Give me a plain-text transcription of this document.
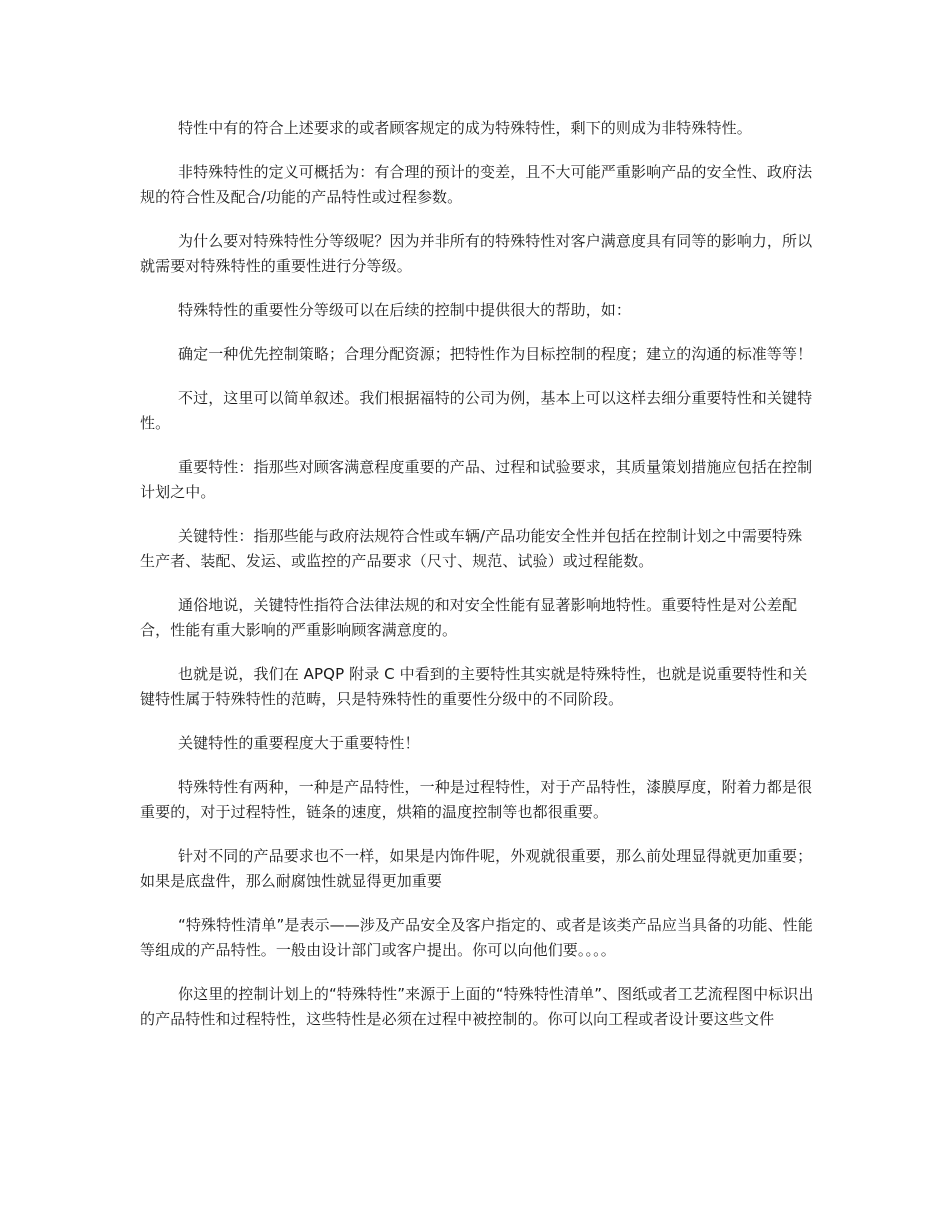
特性中有的符合上述要求的或者顾客规定的成为特殊特性，剩下的则成为非特殊特性。

非特殊特性的定义可概括为：有合理的预计的变差，且不大可能严重影响产品的安全性、政府法规的符合性及配合/功能的产品特性或过程参数。

为什么要对特殊特性分等级呢？因为并非所有的特殊特性对客户满意度具有同等的影响力，所以就需要对特殊特性的重要性进行分等级。

特殊特性的重要性分等级可以在后续的控制中提供很大的帮助，如：

确定一种优先控制策略；合理分配资源；把特性作为目标控制的程度；建立的沟通的标准等等！

不过，这里可以简单叙述。我们根据福特的公司为例，基本上可以这样去细分重要特性和关键特性。

重要特性：指那些对顾客满意程度重要的产品、过程和试验要求，其质量策划措施应包括在控制计划之中。

关键特性：指那些能与政府法规符合性或车辆/产品功能安全性并包括在控制计划之中需要特殊生产者、装配、发运、或监控的产品要求（尺寸、规范、试验）或过程能数。

通俗地说，关键特性指符合法律法规的和对安全性能有显著影响地特性。重要特性是对公差配合，性能有重大影响的严重影响顾客满意度的。

也就是说，我们在 APQP 附录 C 中看到的主要特性其实就是特殊特性，也就是说重要特性和关键特性属于特殊特性的范畴，只是特殊特性的重要性分级中的不同阶段。

关键特性的重要程度大于重要特性！

特殊特性有两种，一种是产品特性，一种是过程特性，对于产品特性，漆膜厚度，附着力都是很重要的，对于过程特性，链条的速度，烘箱的温度控制等也都很重要。

针对不同的产品要求也不一样，如果是内饰件呢，外观就很重要，那么前处理显得就更加重要；如果是底盘件，那么耐腐蚀性就显得更加重要

“特殊特性清单”是表示——涉及产品安全及客户指定的、或者是该类产品应当具备的功能、性能等组成的产品特性。一般由设计部门或客户提出。你可以向他们要。。。。

你这里的控制计划上的“特殊特性”来源于上面的“特殊特性清单”、图纸或者工艺流程图中标识出的产品特性和过程特性，这些特性是必须在过程中被控制的。你可以向工程或者设计要这些文件
